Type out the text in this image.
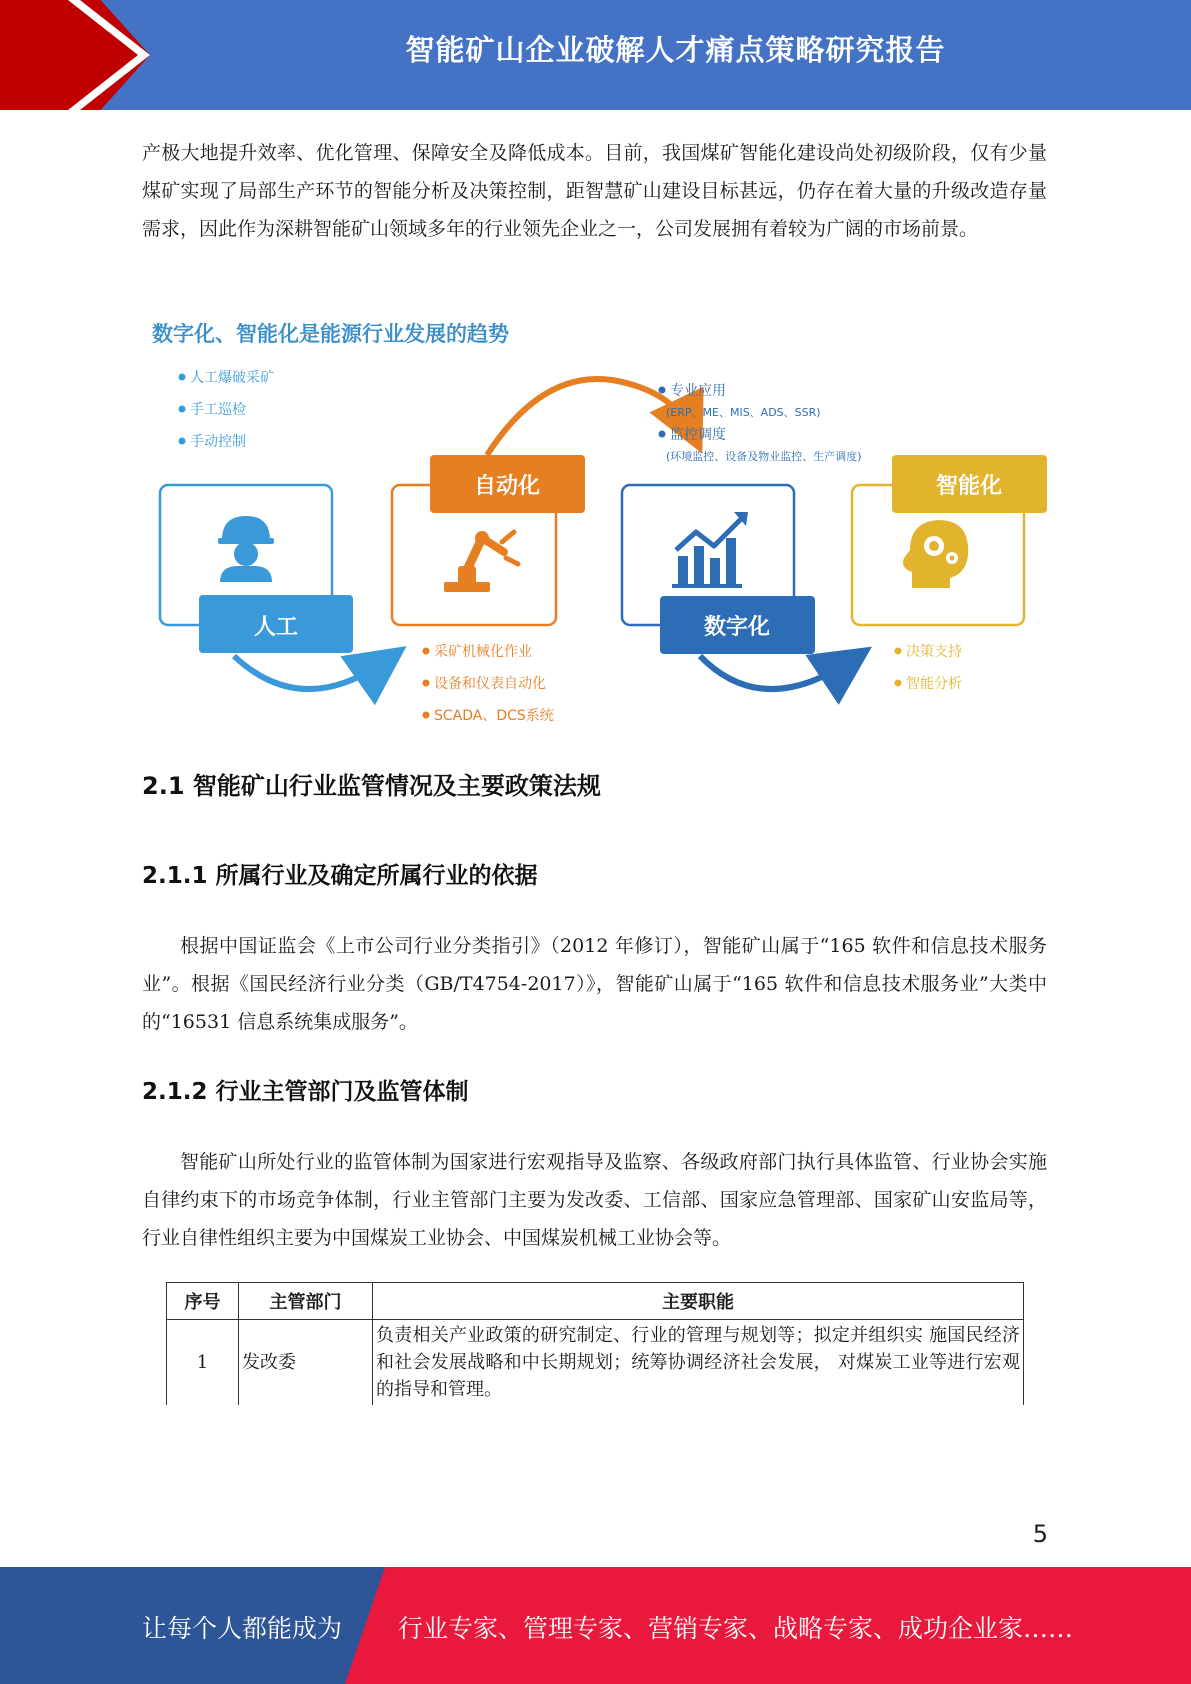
智能矿山企业破解人才痛点策略研究报告

产极大地提升效率、优化管理、保障安全及降低成本。目前，我国煤矿智能化建设尚处初级阶段，仅有少量煤矿实现了局部生产环节的智能分析及决策控制，距智慧矿山建设目标甚远，仍存在着大量的升级改造存量需求，因此作为深耕智能矿山领域多年的行业领先企业之一，公司发展拥有着较为广阔的市场前景。

数字化、智能化是能源行业发展的趋势
人工爆破采矿
手工巡检
手动控制
人工
自动化
采矿机械化作业
设备和仪表自动化
SCADA、DCS系统
专业应用
(ERP、ME、MIS、ADS、SSR)
监控调度
(环境监控、设备及物业监控、生产调度)
数字化
智能化
决策支持
智能分析
2.1 智能矿山行业监管情况及主要政策法规
2.1.1 所属行业及确定所属行业的依据

根据中国证监会《上市公司行业分类指引》（2012 年修订），智能矿山属于“165 软件和信息技术服务业”。根据《国民经济行业分类（GB/T4754-2017）》，智能矿山属于“165 软件和信息技术服务业”大类中的“16531 信息系统集成服务”。

2.1.2 行业主管部门及监管体制

智能矿山所处行业的监管体制为国家进行宏观指导及监察、各级政府部门执行具体监管、行业协会实施自律约束下的市场竞争体制，行业主管部门主要为发改委、工信部、国家应急管理部、国家矿山安监局等，行业自律性组织主要为中国煤炭工业协会、中国煤炭机械工业协会等。

序号	主管部门	主要职能
1	发改委	负责相关产业政策的研究制定、行业的管理与规划等；拟定并组织实 施国民经济和社会发展战略和中长期规划；统筹协调经济社会发展， 对煤炭工业等进行宏观的指导和管理。
5
让每个人都能成为 行业专家、管理专家、营销专家、战略专家、成功企业家……
